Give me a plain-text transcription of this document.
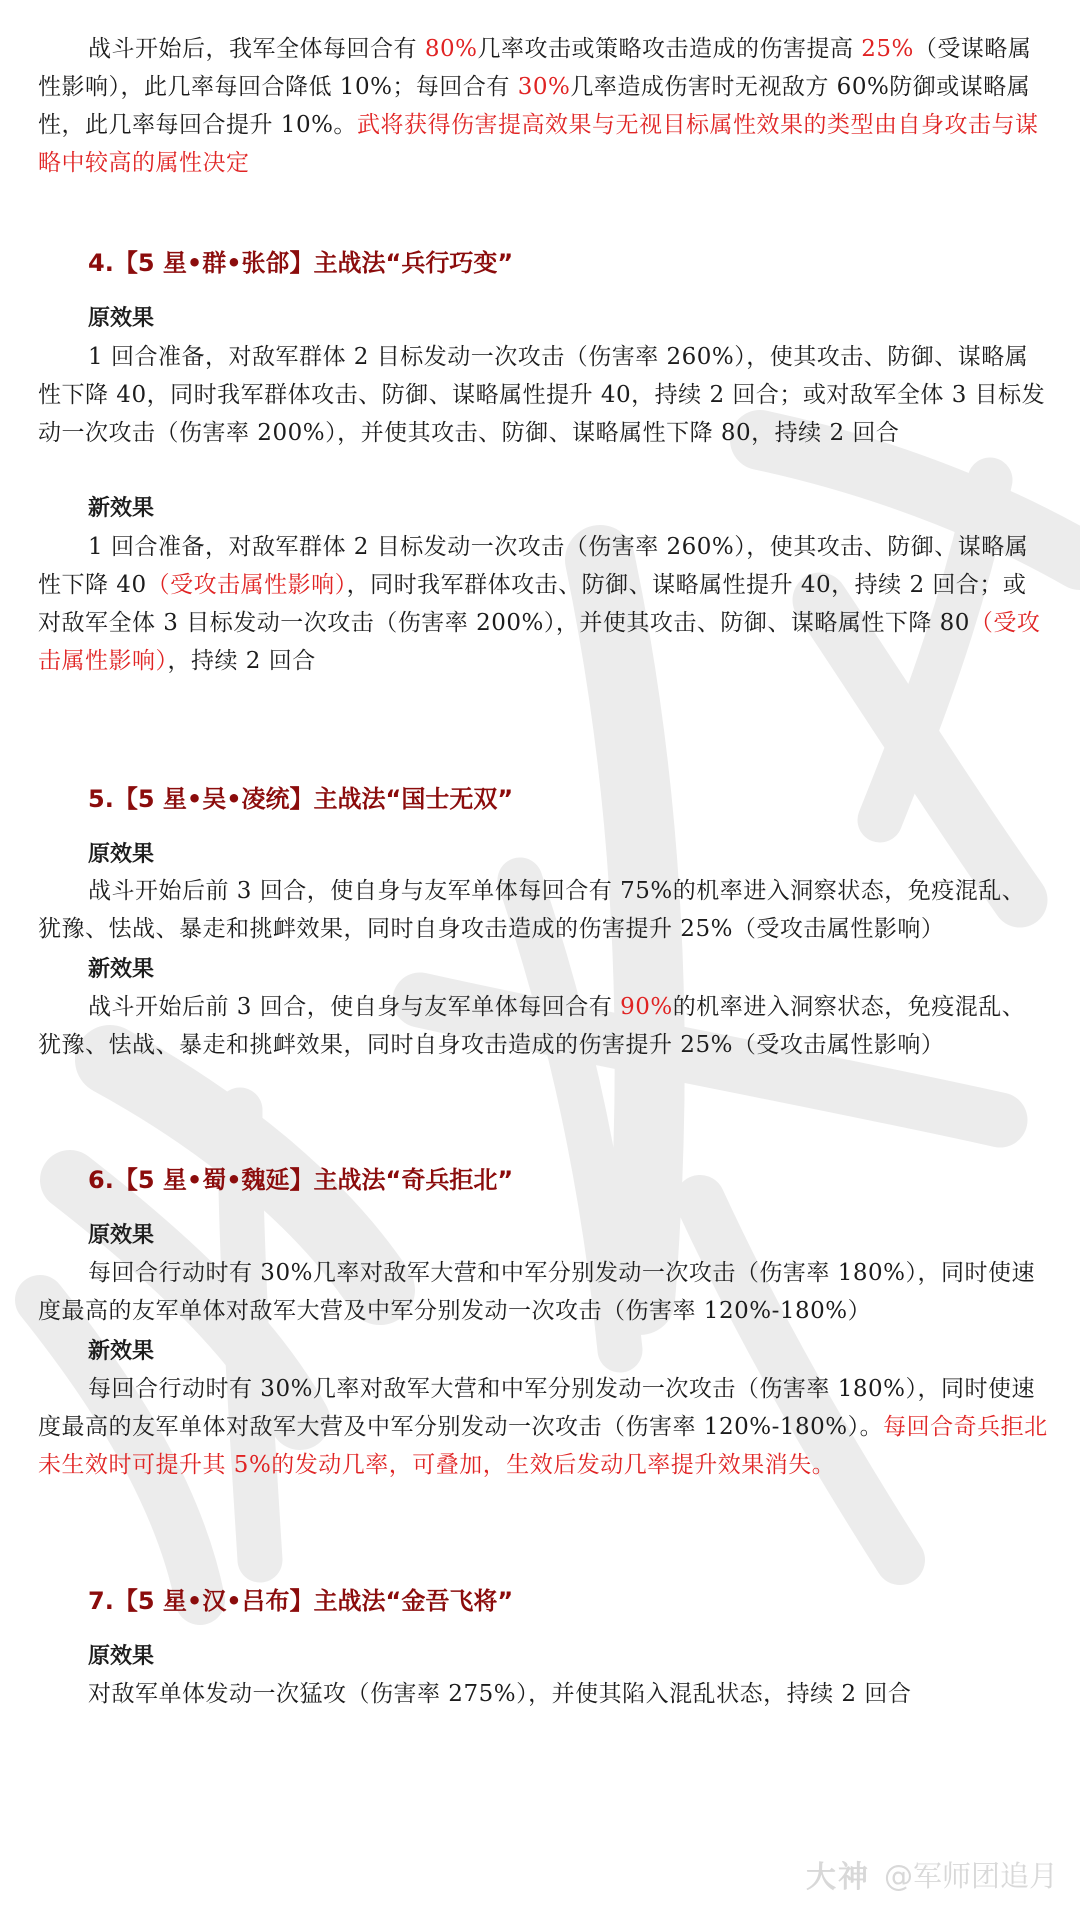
战斗开始后，我军全体每回合有 80%几率攻击或策略攻击造成的伤害提高 25%（受谋略属性影响），此几率每回合降低 10%；每回合有 30%几率造成伤害时无视敌方 60%防御或谋略属性，此几率每回合提升 10%。武将获得伤害提高效果与无视目标属性效果的类型由自身攻击与谋略中较高的属性决定

4.【5 星•群•张郃】主战法“兵行巧变”
原效果

1 回合准备，对敌军群体 2 目标发动一次攻击（伤害率 260%），使其攻击、防御、谋略属性下降 40，同时我军群体攻击、防御、谋略属性提升 40，持续 2 回合；或对敌军全体 3 目标发动一次攻击（伤害率 200%），并使其攻击、防御、谋略属性下降 80，持续 2 回合

新效果

1 回合准备，对敌军群体 2 目标发动一次攻击（伤害率 260%），使其攻击、防御、谋略属性下降 40（受攻击属性影响），同时我军群体攻击、防御、谋略属性提升 40，持续 2 回合；或对敌军全体 3 目标发动一次攻击（伤害率 200%），并使其攻击、防御、谋略属性下降 80（受攻击属性影响），持续 2 回合

5.【5 星•吴•凌统】主战法“国士无双”
原效果

战斗开始后前 3 回合，使自身与友军单体每回合有 75%的机率进入洞察状态，免疫混乱、犹豫、怯战、暴走和挑衅效果，同时自身攻击造成的伤害提升 25%（受攻击属性影响）

新效果

战斗开始后前 3 回合，使自身与友军单体每回合有 90%的机率进入洞察状态，免疫混乱、犹豫、怯战、暴走和挑衅效果，同时自身攻击造成的伤害提升 25%（受攻击属性影响）

6.【5 星•蜀•魏延】主战法“奇兵拒北”
原效果

每回合行动时有 30%几率对敌军大营和中军分别发动一次攻击（伤害率 180%），同时使速度最高的友军单体对敌军大营及中军分别发动一次攻击（伤害率 120%-180%）

新效果

每回合行动时有 30%几率对敌军大营和中军分别发动一次攻击（伤害率 180%），同时使速度最高的友军单体对敌军大营及中军分别发动一次攻击（伤害率 120%-180%）。每回合奇兵拒北未生效时可提升其 5%的发动几率，可叠加，生效后发动几率提升效果消失。

7.【5 星•汉•吕布】主战法“金吾飞将”
原效果

对敌军单体发动一次猛攻（伤害率 275%），并使其陷入混乱状态，持续 2 回合

大神 @军师团追月
